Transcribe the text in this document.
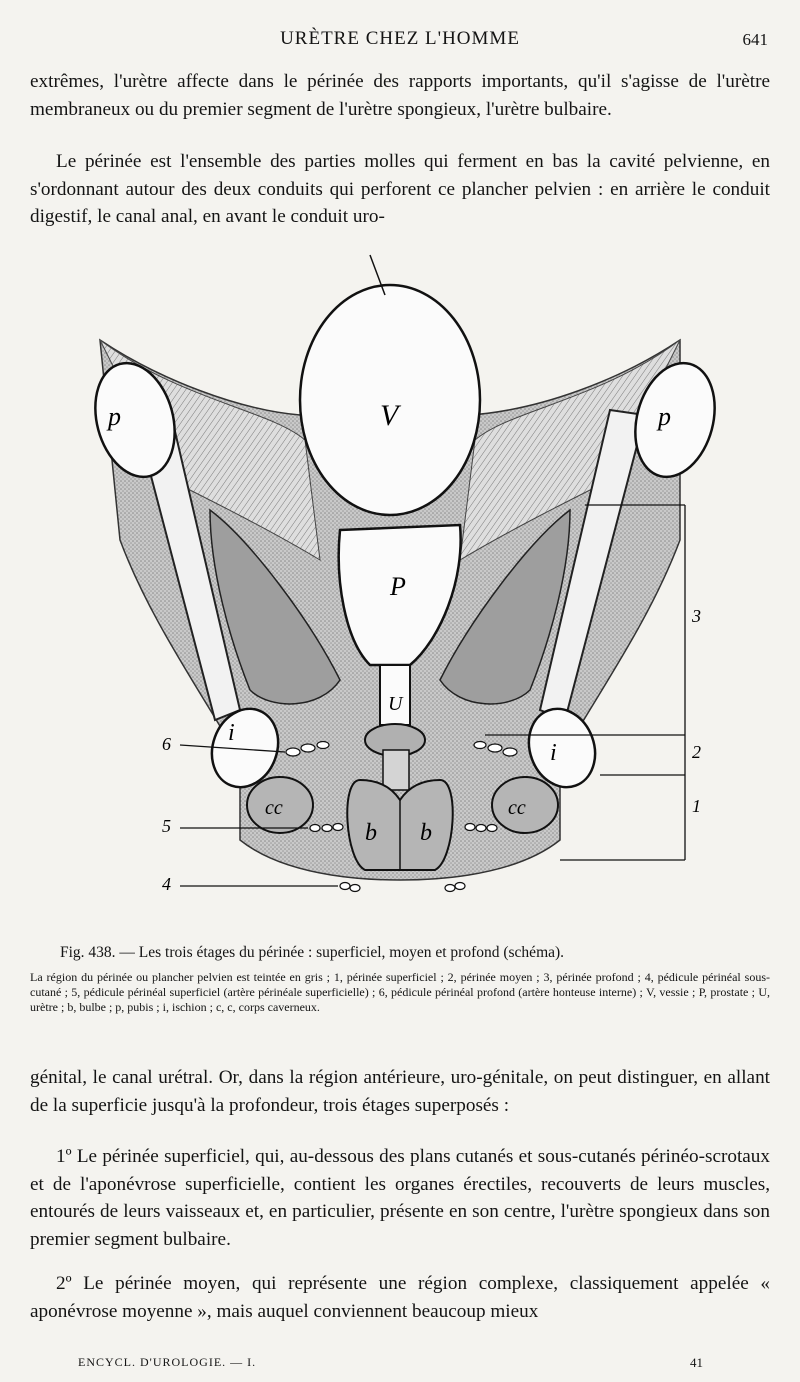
URÈTRE CHEZ L'HOMME	641

extrêmes, l'urètre affecte dans le périnée des rapports importants, qu'il s'agisse de l'urètre membraneux ou du premier segment de l'urètre spongieux, l'urètre bulbaire.

Le périnée est l'ensemble des parties molles qui ferment en bas la cavité pelvienne, en s'ordonnant autour des deux conduits qui perforent ce plancher pelvien : en arrière le conduit digestif, le canal anal, en avant le conduit uro-

V
P
U
p	p
i
i
cc	cc
b b
1
2
3
4
5
6
Fig. 438. — Les trois étages du périnée : superficiel, moyen et profond (schéma).
La région du périnée ou plancher pelvien est teintée en gris ; 1, périnée superficiel ; 2, périnée moyen ; 3, périnée profond ; 4, pédicule périnéal sous-cutané ; 5, pédicule périnéal superficiel (artère périnéale superficielle) ; 6, pédicule périnéal profond (artère honteuse interne) ; V, vessie ; P, prostate ; U, urètre ; b, bulbe ; p, pubis ; i, ischion ; c, c, corps caverneux.

génital, le canal urétral. Or, dans la région antérieure, uro-génitale, on peut distinguer, en allant de la superficie jusqu'à la profondeur, trois étages superposés :

1º Le périnée superficiel, qui, au-dessous des plans cutanés et sous-cutanés périnéo-scrotaux et de l'aponévrose superficielle, contient les organes érectiles, recouverts de leurs muscles, entourés de leurs vaisseaux et, en particulier, présente en son centre, l'urètre spongieux dans son premier segment bulbaire.

2º Le périnée moyen, qui représente une région complexe, classiquement appelée « aponévrose moyenne », mais auquel conviennent beaucoup mieux

ENCYCL. D'UROLOGIE. — I.	41
